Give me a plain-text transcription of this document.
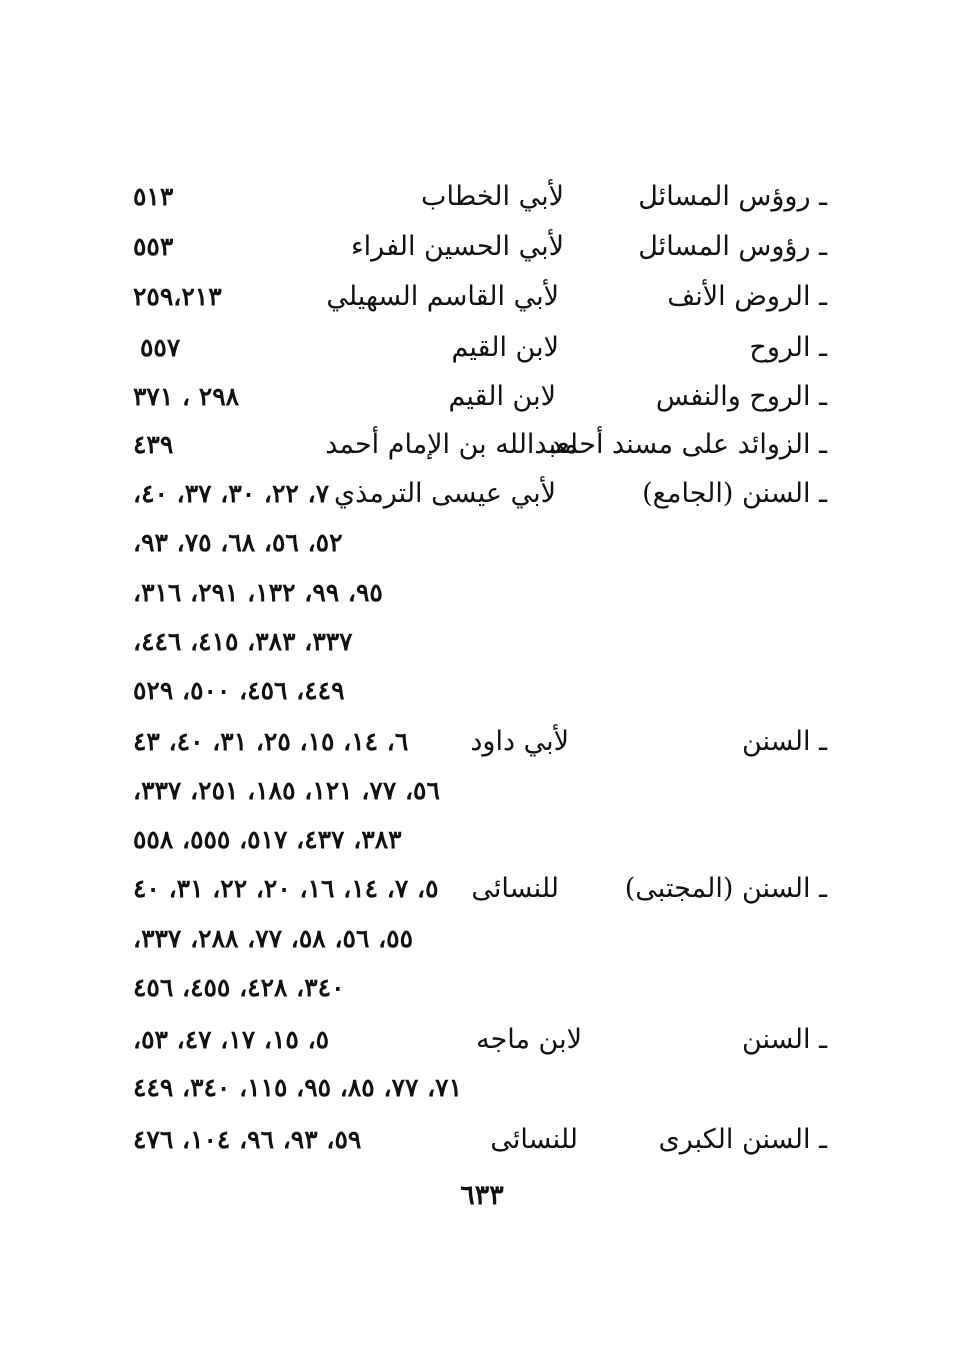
ـ روؤس المسائل
لأبي الخطاب
٥١٣
ـ رؤوس المسائل
لأبي الحسين الفراء
٥٥٣
ـ الروض الأنف
لأبي القاسم السهيلي
٢٥٩،٢١٣
ـ الروح
لابن القيم
٥٥٧
ـ الروح والنفس
لابن القيم
٢٩٨ ، ٣٧١
ـ الزوائد على مسند أحمد
لعبدالله بن الإمام أحمد
٤٣٩
ـ السنن (الجامع)
لأبي عيسى الترمذي
٧، ٢٢، ٣٠، ٣٧، ٤٠،
٥٢، ٥٦، ٦٨، ٧٥، ٩٣،
٩٥، ٩٩، ١٣٢، ٢٩١، ٣١٦،
٣٣٧، ٣٨٣، ٤١٥، ٤٤٦،
٤٤٩، ٤٥٦، ٥٠٠، ٥٢٩
ـ السنن
لأبي داود
٦، ١٤، ١٥، ٢٥، ٣١، ٤٠، ٤٣
٥٦، ٧٧، ١٢١، ١٨٥، ٢٥١، ٣٣٧،
٣٨٣، ٤٣٧، ٥١٧، ٥٥٥، ٥٥٨
ـ السنن (المجتبى)
للنسائى
٥، ٧، ١٤، ١٦، ٢٠، ٢٢، ٣١، ٤٠
٥٥، ٥٦، ٥٨، ٧٧، ٢٨٨، ٣٣٧،
٣٤٠، ٤٢٨، ٤٥٥، ٤٥٦
ـ السنن
لابن ماجه
٥، ١٥، ١٧، ٤٧، ٥٣،
٧١، ٧٧، ٨٥، ٩٥، ١١٥، ٣٤٠، ٤٤٩
ـ السنن الكبرى
للنسائى
٥٩، ٩٣، ٩٦، ١٠٤، ٤٧٦
٦٣٣
